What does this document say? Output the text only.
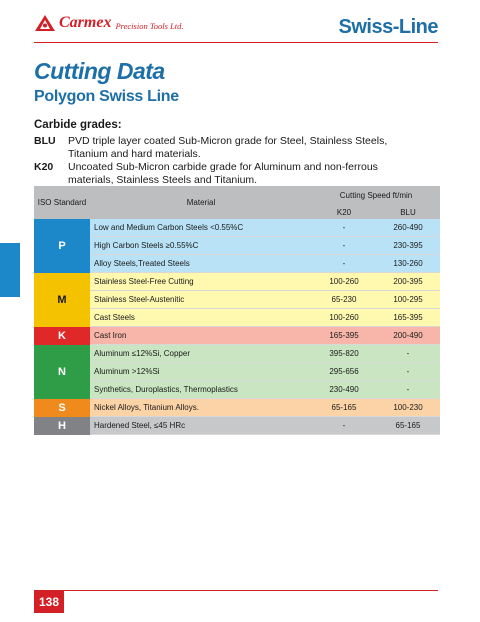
Carmex Precision Tools Ltd.	Swiss-Line
Cutting Data
Polygon Swiss Line
Carbide grades:
BLU	PVD triple layer coated Sub-Micron grade for Steel, Stainless Steels, Titanium and hard materials.
K20	Uncoated Sub-Micron carbide grade for Aluminum and non-ferrous materials, Stainless Steels and Titanium.
ISO Standard	Material	Cutting Speed ft/min	
		K20	BLU
P	Low and Medium Carbon Steels <0.55%C	-	260-490
	High Carbon Steels ≥0.55%C	-	230-395
	Alloy Steels,Treated Steels	-	130-260
M	Stainless Steel-Free Cutting	100-260	200-395
	Stainless Steel-Austenitic	65-230	100-295
	Cast Steels	100-260	165-395
K	Cast Iron	165-395	200-490
N	Aluminum ≤12%Si, Copper	395-820	-
	Aluminum >12%Si	295-656	-
	Synthetics, Duroplastics, Thermoplastics	230-490	-
S	Nickel Alloys, Titanium Alloys.	65-165	100-230
H	Hardened Steel, ≤45 HRc	-	65-165
138
